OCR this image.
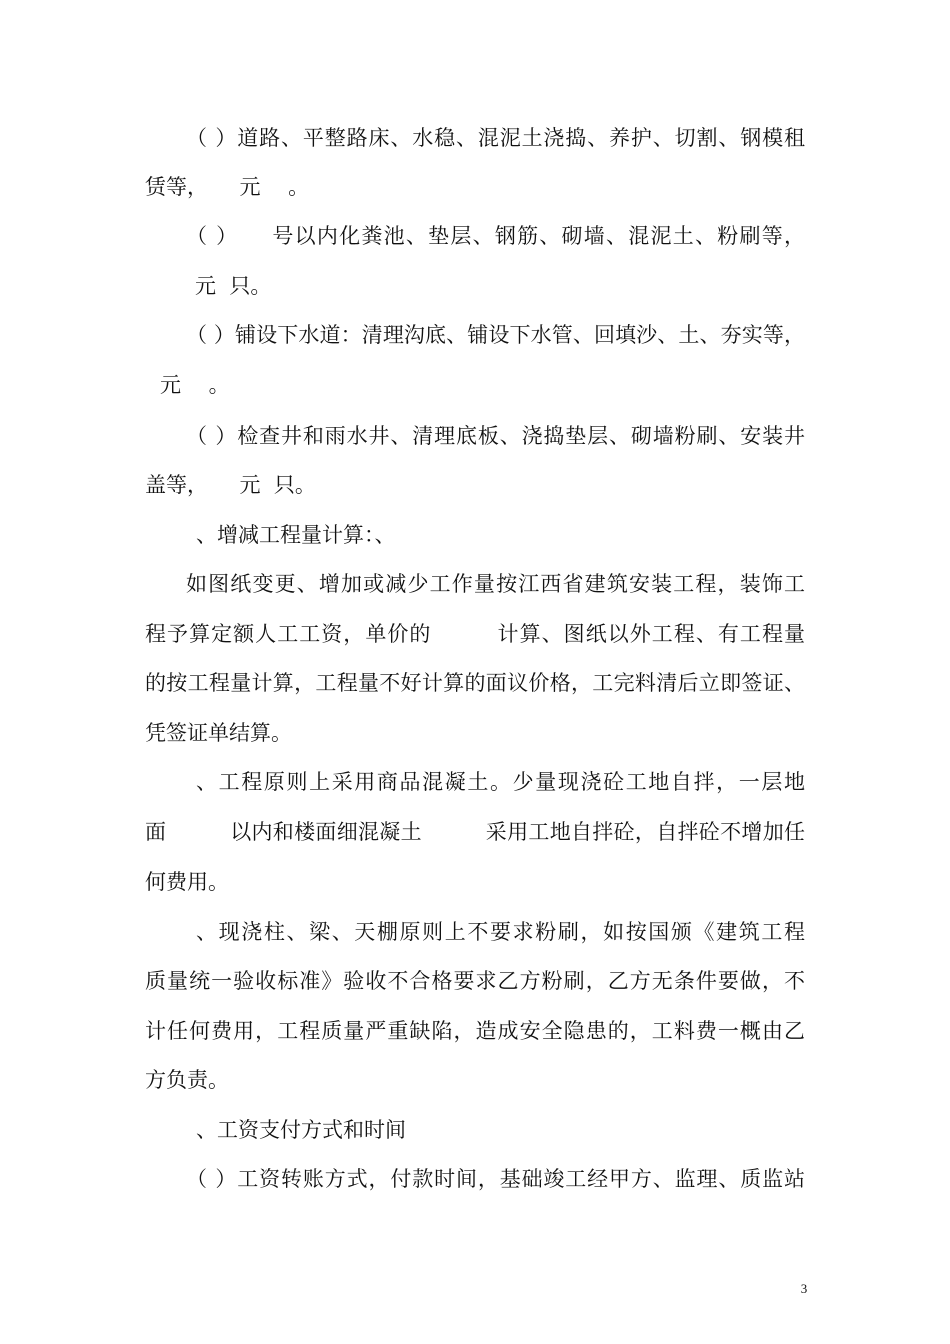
（ ）道路、平整路床、水稳、混泥土浇捣、养护、切割、钢模租
赁等，　　元　 。
（ ）　　号以内化粪池、垫层、钢筋、砌墙、混泥土、粉刷等，
元  只。
（ ）铺设下水道：清理沟底、铺设下水管、回填沙、土、夯实等，
元　 。
（ ）检查井和雨水井、清理底板、浇捣垫层、砌墙粉刷、安装井
盖等，　　元  只。
、增减工程量计算：、
如图纸变更、增加或减少工作量按江西省建筑安装工程，装饰工
程予算定额人工工资，单价的　　　计算、图纸以外工程、有工程量
的按工程量计算，工程量不好计算的面议价格，工完料清后立即签证、
凭签证单结算。
、工程原则上采用商品混凝土。少量现浇砼工地自拌，一层地
面　　　以内和楼面细混凝土　　　采用工地自拌砼，自拌砼不增加任
何费用。
、现浇柱、梁、天棚原则上不要求粉刷，如按国颁《建筑工程
质量统一验收标准》验收不合格要求乙方粉刷，乙方无条件要做，不
计任何费用，工程质量严重缺陷，造成安全隐患的，工料费一概由乙
方负责。
、工资支付方式和时间
（ ）工资转账方式，付款时间，基础竣工经甲方、监理、质监站
3
